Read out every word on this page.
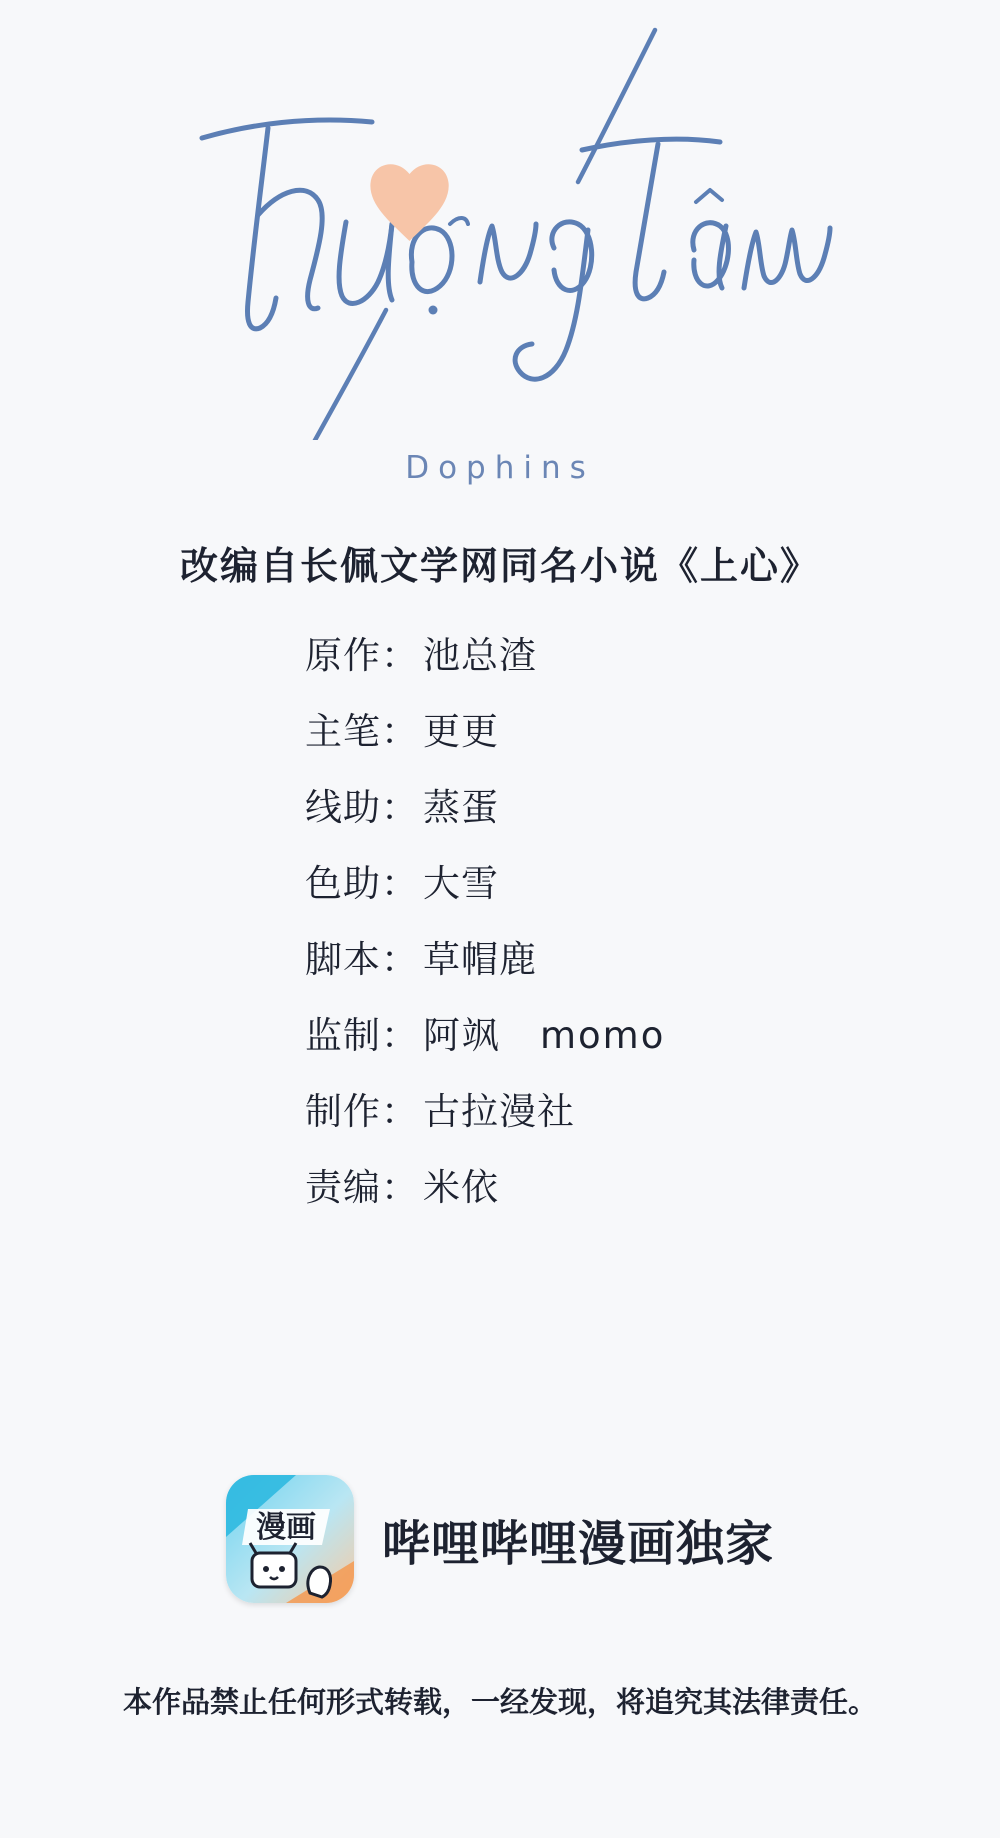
Dophins
改编自长佩文学网同名小说《上心》
原作 ： 池总渣
主笔 ： 更更
线助 ： 蒸蛋
色助 ： 大雪
脚本 ： 草帽鹿
监制 ： 阿飒　momo
制作 ： 古拉漫社
责编 ： 米依
漫画 哔哩哔哩漫画独家
本作品禁止任何形式转载，一经发现，将追究其法律责任。
